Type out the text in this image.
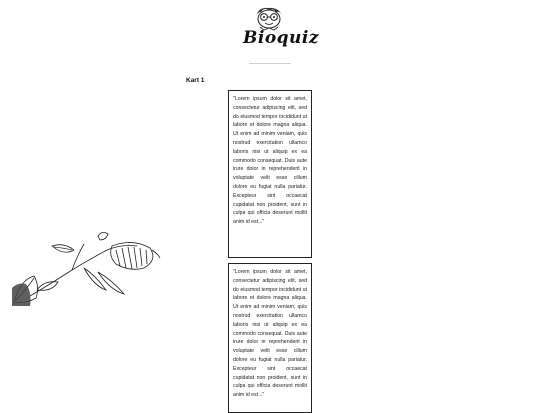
Bioquiz
Kart 1
"Lorem ipsum dolor sit amet, consectetur adipiscing elit, sed do eiusmod tempor incididunt ut labore et dolore magna aliqua. Ut enim ad minim veniam, quis nostrud exercitation ullamco laboris nisi ut aliquip ex ea commodo consequat. Duis aute irure dolor in reprehenderit in voluptate velit esse cillum dolore eu fugiat nulla pariatur. Excepteur sint occaecat cupidatat non proident, sunt in culpa qui officia deserunt mollit anim id est..."
"Lorem ipsum dolor sit amet, consectetur adipiscing elit, sed do eiusmod tempor incididunt ut labore et dolore magna aliqua. Ut enim ad minim veniam, quis nostrud exercitation ullamco laboris nisi ut aliquip ex ea commodo consequat. Duis aute irure dolor in reprehenderit in voluptate velit esse cillum dolore eu fugiat nulla pariatur. Excepteur sint occaecat cupidatat non proident, sunt in culpa qui officia deserunt mollit anim id est..."
